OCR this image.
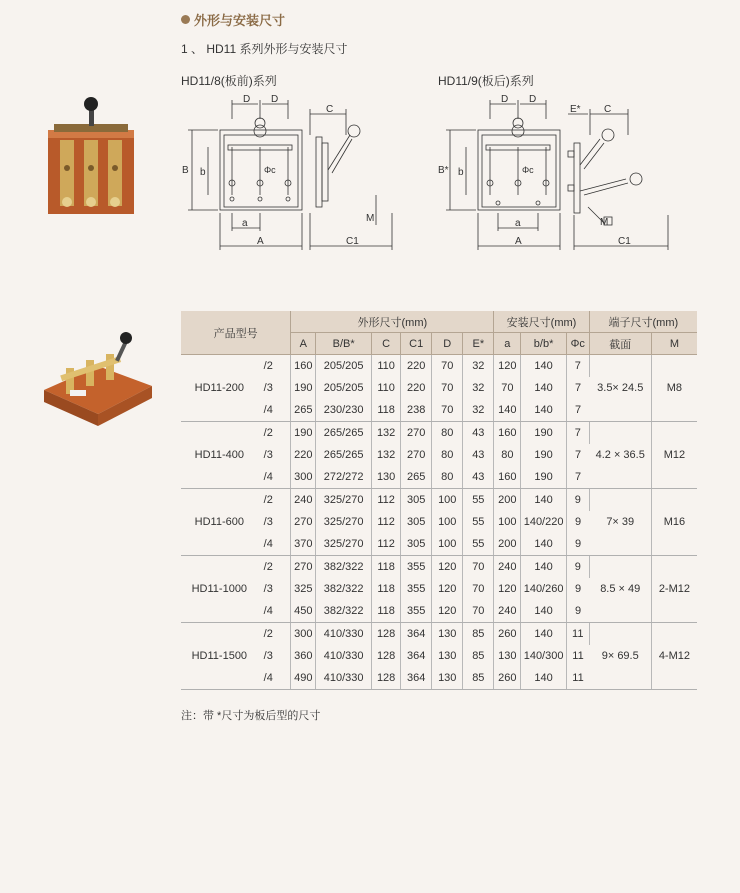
外形与安装尺寸
1 、 HD11 系列外形与安装尺寸
HD11/8(板前)系列	HD11/9(板后)系列
D D
Φc
B b
a
A
C
M
C1
D D
Φc
B* b
a
A
E* C
M
C1
产品型号		外形尺寸(mm)						安装尺寸(mm)			端子尺寸(mm)	
		A	B/B*	C	C1	D	E*	a	b/b*	Φc	截面	M
HD11-200	/2	160	205/205	110	220	70	32	120	140	7	3.5× 24.5	M8
	/3	190	205/205	110	220	70	32	70	140	7		
	/4	265	230/230	118	238	70	32	140	140	7		
HD11-400	/2	190	265/265	132	270	80	43	160	190	7	4.2 × 36.5	M12
	/3	220	265/265	132	270	80	43	80	190	7		
	/4	300	272/272	130	265	80	43	160	190	7		
HD11-600	/2	240	325/270	112	305	100	55	200	140	9	7× 39	M16
	/3	270	325/270	112	305	100	55	100	140/220	9		
	/4	370	325/270	112	305	100	55	200	140	9		
HD11-1000	/2	270	382/322	118	355	120	70	240	140	9	8.5 × 49	2-M12
	/3	325	382/322	118	355	120	70	120	140/260	9		
	/4	450	382/322	118	355	120	70	240	140	9		
HD11-1500	/2	300	410/330	128	364	130	85	260	140	11	9× 69.5	4-M12
	/3	360	410/330	128	364	130	85	130	140/300	11		
	/4	490	410/330	128	364	130	85	260	140	11		
注：带 *尺寸为板后型的尺寸
